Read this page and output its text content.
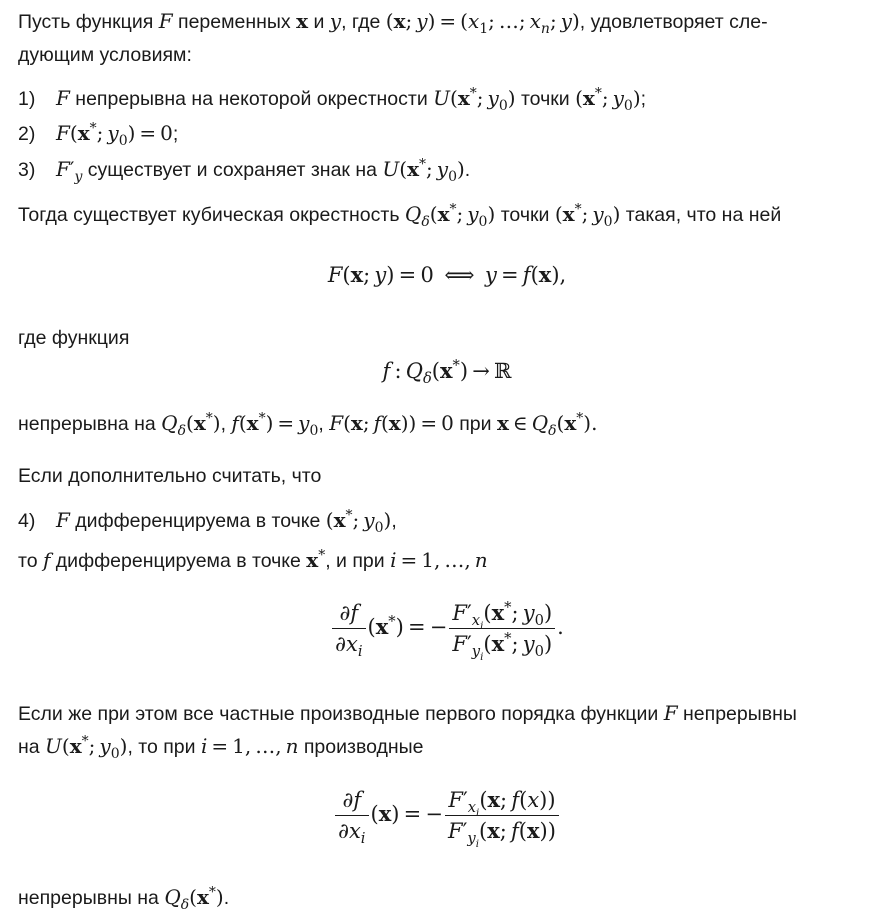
Пусть функция F переменных x и y, где (x; $y) = (x_1$; …; $x_n$; y), удовлетворяет сле-
дующим условиям:
1) F непрерывна на некоторой окрестности U(x*; $y_0$) точки (x*; $y_0$);
2) F(x*; $y_0) = 0$;
3) $F'_y$ существует и сохраняет знак на U(x*; $y_0$).
Тогда существует кубическая окрестность $Q_\delta(x^*$; $y_0$) точки (x*; $y_0$) такая, что на ней
F(x; y) = 0 ⟺ y = f(x),
где функция
f : $Q_\delta(x^*)$ → ℝ
непрерывна на $Q_\delta(x^*)$, $f(x^*) = y_0$, F(x; f(x)) = 0 при x ∈ $Q_\delta(x^*)$.
Если дополнительно считать, что
4) F дифференцируема в точке (x*; $y_0$),
то f дифференцируема в точке x*, и при i = 1, …, n
$\frac{\partial f}{\partial x_i} (x^*)$ = − $\frac{F'_{x_i}(x^*; y_0)}{F'_{y_i}(x^*; y_0)}$ .
Если же при этом все частные производные первого порядка функции F непрерывны
на U(x*; $y_0$), то при i = 1, …, n производные
$\frac{\partial f}{\partial x_i} (x)$ = − $\frac{F'_{x_i}(x; f(x))}{F'_{y_i}(x; f(x))}$
непрерывны на $Q_\delta(x^*)$.
